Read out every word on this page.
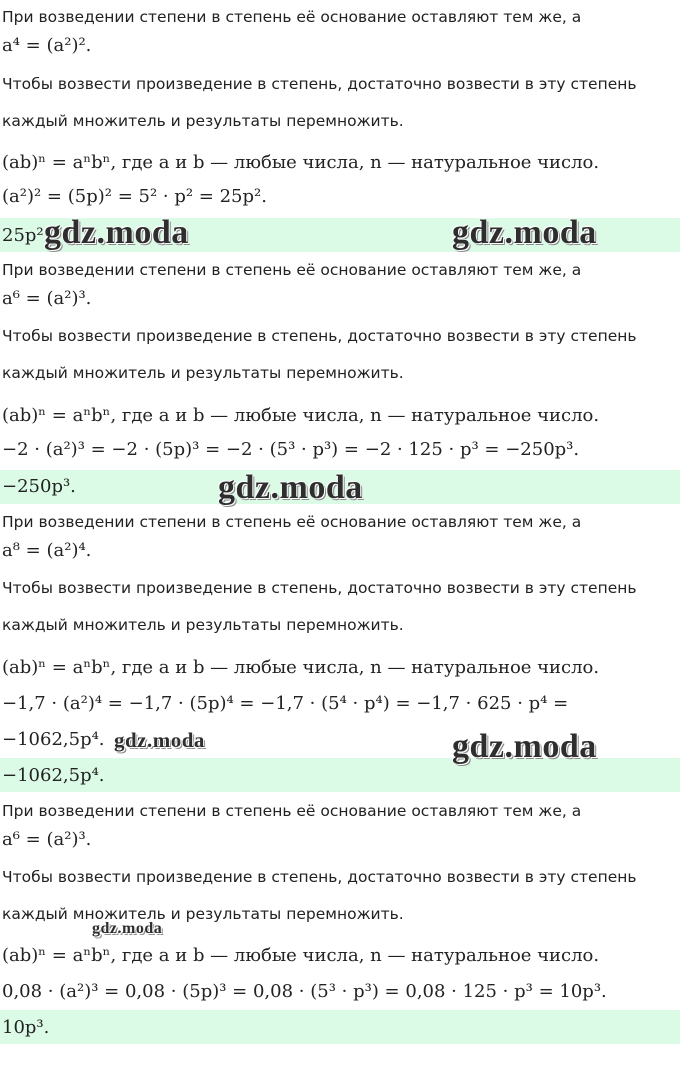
При возведении степени в степень её основание оставляют тем же, а
a⁴ = (a²)².
Чтобы возвести произведение в степень, достаточно возвести в эту степень
каждый множитель и результаты перемножить.
(ab)ⁿ = aⁿbⁿ, где a и b — любые числа, n — натуральное число.
(a²)² = (5p)² = 5² · p² = 25p².
25p² gdz.moda	gdz.moda
При возведении степени в степень её основание оставляют тем же, а
a⁶ = (a²)³.
Чтобы возвести произведение в степень, достаточно возвести в эту степень
каждый множитель и результаты перемножить.
(ab)ⁿ = aⁿbⁿ, где a и b — любые числа, n — натуральное число.
−2 · (a²)³ = −2 · (5p)³ = −2 · (5³ · p³) = −2 · 125 · p³ = −250p³.
−250p³.	gdz.moda
При возведении степени в степень её основание оставляют тем же, а
a⁸ = (a²)⁴.
Чтобы возвести произведение в степень, достаточно возвести в эту степень
каждый множитель и результаты перемножить.
(ab)ⁿ = aⁿbⁿ, где a и b — любые числа, n — натуральное число.
−1,7 · (a²)⁴ = −1,7 · (5p)⁴ = −1,7 · (5⁴ · p⁴) = −1,7 · 625 · p⁴ =
−1062,5p⁴. gdz.moda
−1062,5p⁴.
gdz.moda
При возведении степени в степень её основание оставляют тем же, а
a⁶ = (a²)³.
Чтобы возвести произведение в степень, достаточно возвести в эту степень
каждый множитель и результаты перемножить.
gdz.moda
(ab)ⁿ = aⁿbⁿ, где a и b — любые числа, n — натуральное число.
0,08 · (a²)³ = 0,08 · (5p)³ = 0,08 · (5³ · p³) = 0,08 · 125 · p³ = 10p³.
10p³.
